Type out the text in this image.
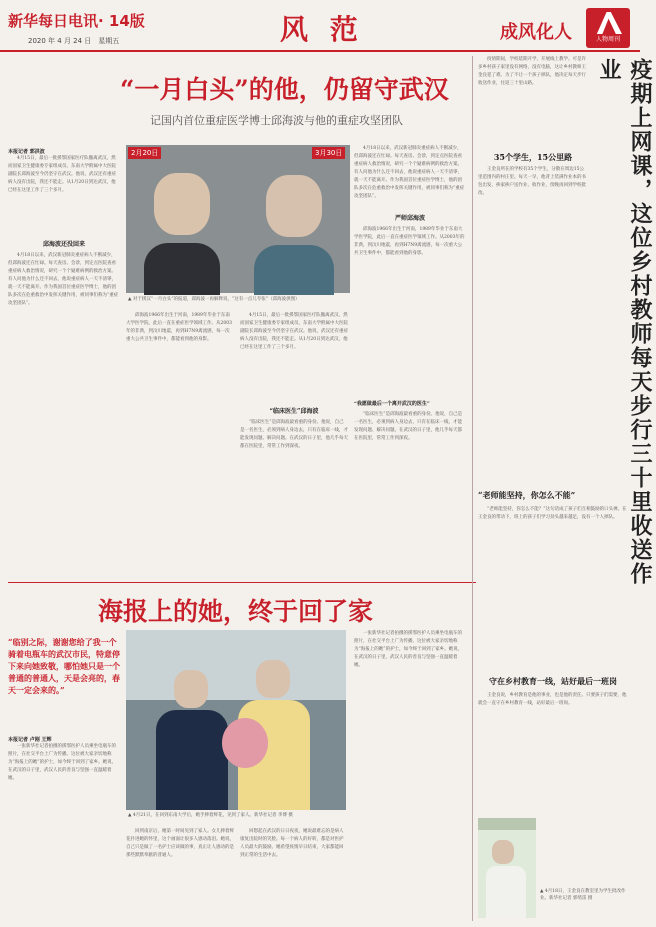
新华每日电讯· 14版
2020 年 4 月 24 日　 星期五	风 范	成风化人	人物周刊
“一月白头”的他，仍留守武汉
记国内首位重症医学博士邱海波与他的重症攻坚团队
本报记者 郭洪波
4月15日，最后一批援鄂国家医疗队撤离武汉，然而国家卫生健康委专家组成员、东南大学附属中大医院副院长邱海波至今仍坚守在武汉。他说，武汉还有重症病人没有出院，我还不能走。从1月20日到达武汉，他已经在这里工作了三个多月。
邱海波还没回来
4月18日以来，武汉新冠肺炎重症病人不断减少，但邱海波还在忙碌。每天查房、会诊，到定点医院查看重症病人救治情况，研究一个个疑难病例的救治方案。有人问他为什么还不回去，他说重症病人一天不清零，就一天不能离开。作为我国首位重症医学博士，他的团队多次在危重救治中发挥关键作用，被同事们称为“重症攻坚团队”。
2月20日	3月30日
▲ 对于援汉“一月白头”的报道，邱海波一再解释说，“这有一点儿夸张”（邱海波供图）
邱海波1966年出生于河南，1989年毕业于东南大学医学院，此后一直在重症医学领域工作。从2003年的非典，到汶川地震，再到H7N9禽流感，每一次重大公共卫生事件中，都能看到他的身影。
4月15日，最后一批援鄂国家医疗队撤离武汉，然而国家卫生健康委专家组成员、东南大学附属中大医院副院长邱海波至今仍坚守在武汉。他说，武汉还有重症病人没有出院，我还不能走。从1月20日到达武汉，他已经在这里工作了三个多月。
“临床医生”邱海波
“临床医生”是邱海波最看重的身份。他说，自己是一名医生，必须到病人身边去，只有在临床一线，才能发现问题、解决问题。在武汉的日子里，他几乎每天都在医院里，常常工作到深夜。
4月18日以来，武汉新冠肺炎重症病人不断减少，但邱海波还在忙碌。每天查房、会诊，到定点医院查看重症病人救治情况，研究一个个疑难病例的救治方案。有人问他为什么还不回去，他说重症病人一天不清零，就一天不能离开。作为我国首位重症医学博士，他的团队多次在危重救治中发挥关键作用，被同事们称为“重症攻坚团队”。
严师邱海波
邱海波1966年出生于河南，1989年毕业于东南大学医学院，此后一直在重症医学领域工作。从2003年的非典，到汶川地震，再到H7N9禽流感，每一次重大公共卫生事件中，都能看到他的身影。
“我愿做最后一个离开武汉的医生”
“临床医生”是邱海波最看重的身份。他说，自己是一名医生，必须到病人身边去，只有在临床一线，才能发现问题、解决问题。在武汉的日子里，他几乎每天都在医院里，常常工作到深夜。
海报上的她，终于回了家
“临别之际，谢谢您给了我一个骑着电瓶车的武汉市民，特意停下来向她致敬，哪怕她只是一个普通的普通人，天是会亮的，春天一定会来的。”
本报记者 卢刚 王辉
一张新华社记者拍摄的援鄂医护人员乘坐电瓶车的照片，在社交平台上广为传播。这位被大家亲切地称为“海报上的她”的护士，如今终于回到了家乡。她说，在武汉的日子里，武汉人民的善良与坚强一直温暖着她。
▲ 4月21日，在回到东南大学后，她手捧着鲜花，见到了家人。新华社记者 李博 摄
回到南京后，她第一时间见到了家人。女儿捧着鲜花扑进她的怀里，这个画面让很多人感动落泪。她说，自己只是做了一名护士应该做的事，真正让人感动的是那些默默奉献的普通人。
回想起在武汉的日日夜夜，她说最难忘的是病人康复出院时的笑脸。每一个病人的好转，都是对医护人员最大的鼓励。她希望疫情早日结束，大家都能回到正常的生活中去。
一张新华社记者拍摄的援鄂医护人员乘坐电瓶车的照片，在社交平台上广为传播。这位被大家亲切地称为“海报上的她”的护士，如今终于回到了家乡。她说，在武汉的日子里，武汉人民的善良与坚强一直温暖着她。
疫情期间，学校延期开学，开展线上教学。可是许多乡村孩子家里没有网络，没有电脑，这让乡村教师王金良犯了难。为了不让一个孩子掉队，他决定每天步行收送作业，往返三十里山路。	疫期上网课，这位乡村教师每天步行三十里收送作业
35个学生，15公里路
王金良所在的学校有35个学生，分散在周边15公里范围内的村庄里。每天一早，他背上装满作业本的书包出发，挨家挨户送作业、收作业，傍晚再回到学校批改。
“老师能坚持，你怎么不能”
“老师能坚持，你怎么不能？”这句话成了孩子们互相鼓励的口头禅。在王金良的带动下，班上的孩子们学习劲头越来越足，没有一个人掉队。
守在乡村教育一线，站好最后一班岗
王金良说，乡村教育是他的事业，也是他的责任。只要孩子们需要，他就会一直守在乡村教育一线，站好最后一班岗。
▲ 4月18日，王金良在教室里为学生批改作业。新华社记者 郭绪雷 摄
